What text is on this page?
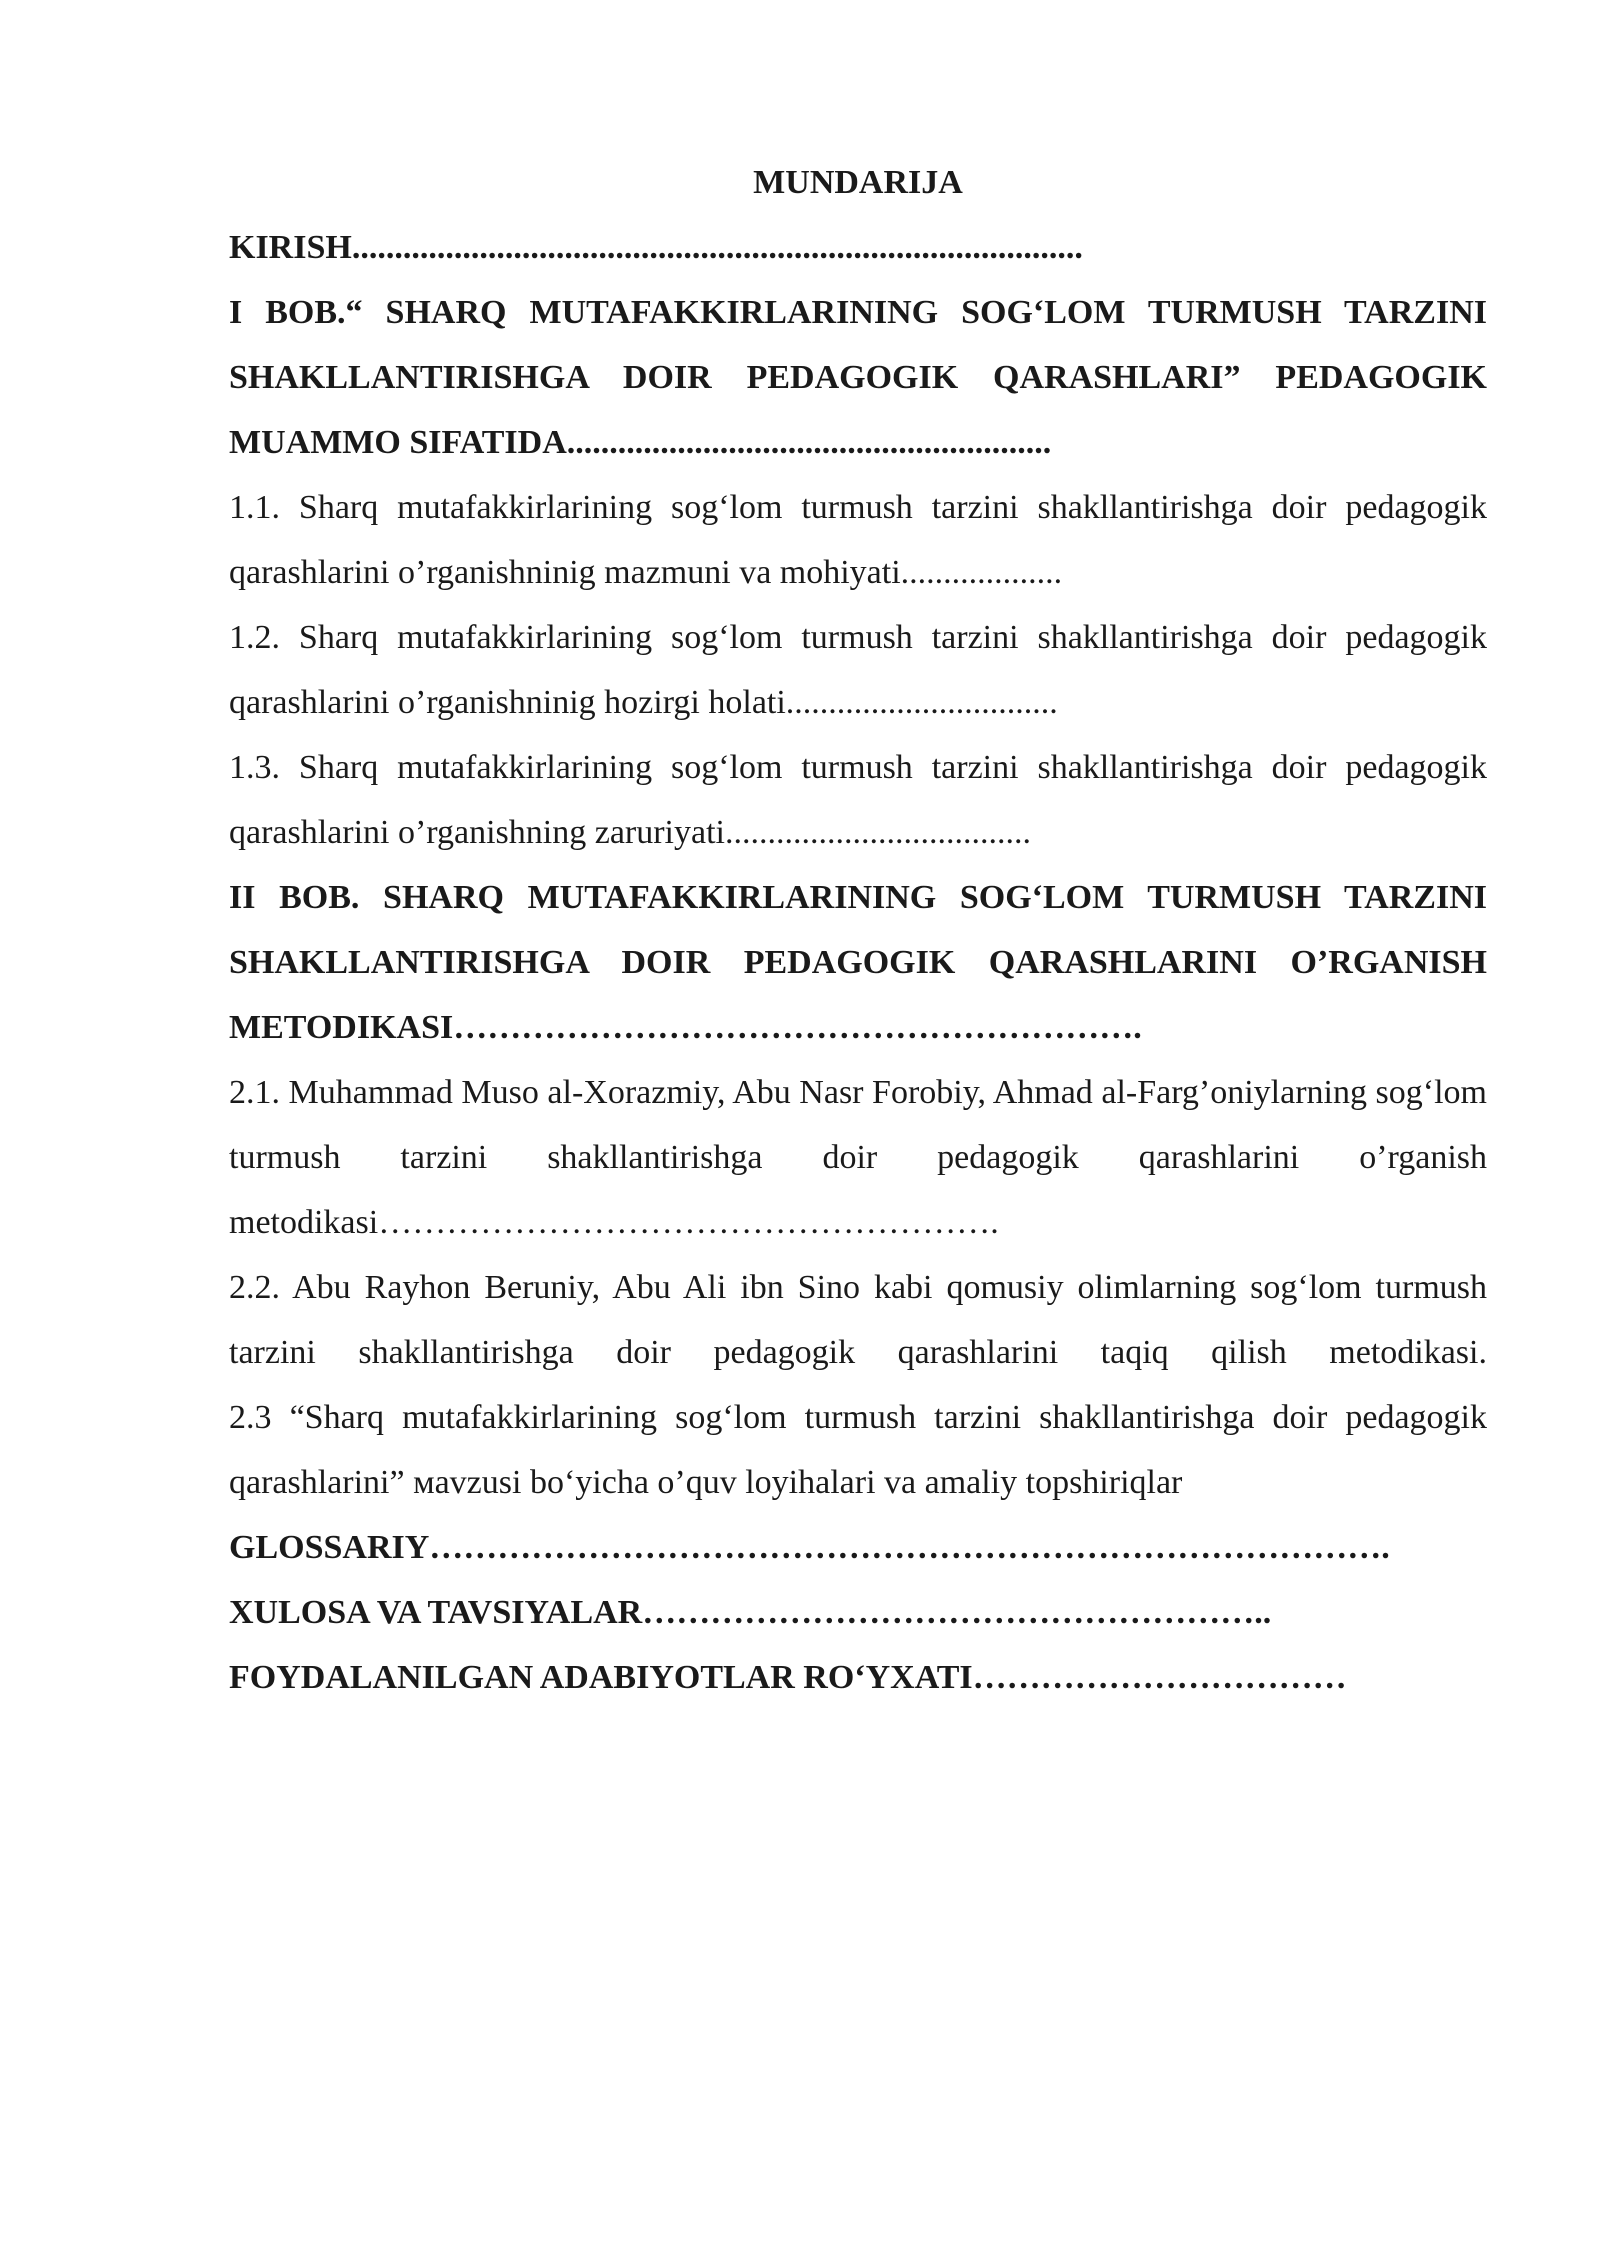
MUNDARIJA

KIRISH......................................................................................

I BOB.“ SHARQ MUTAFAKKIRLARINING SOG‘LOM TURMUSH TARZINI SHAKLLANTIRISHGA DOIR PEDAGOGIK QARASHLARI” PEDAGOGIK MUAMMO SIFATIDA.........................................................

1.1. Sharq mutafakkirlarining sog‘lom turmush tarzini shakllantirishga doir pedagogik qarashlarini o’rganishninig mazmuni va mohiyati...................

1.2. Sharq mutafakkirlarining sog‘lom turmush tarzini shakllantirishga doir pedagogik qarashlarini o’rganishninig hozirgi holati................................

1.3. Sharq mutafakkirlarining sog‘lom turmush tarzini shakllantirishga doir pedagogik qarashlarini o’rganishning zaruriyati....................................

II BOB. SHARQ MUTAFAKKIRLARINING SOG‘LOM TURMUSH TARZINI SHAKLLANTIRISHGA DOIR PEDAGOGIK QARASHLARINI O’RGANISH METODIKASI…………………………………………………….

2.1. Muhammad Muso al-Xorazmiy, Abu Nasr Forobiy, Ahmad al-Farg’oniylarning sog‘lom turmush tarzini shakllantirishga doir pedagogik qarashlarini o’rganish metodikasi……………………………………………….

2.2. Abu Rayhon Beruniy, Abu Ali ibn Sino kabi qomusiy olimlarning sog‘lom turmush tarzini shakllantirishga doir pedagogik qarashlarini taqiq qilish metodikasi.

2.3 “Sharq mutafakkirlarining sog‘lom turmush tarzini shakllantirishga doir pedagogik qarashlarini” мavzusi bo‘yicha o’quv loyihalari va amaliy topshiriqlar

GLOSSARIY………………………………………………………………………….

XULOSA VA TAVSIYALAR………………………………………………..

FOYDALANILGAN ADABIYOTLAR RO‘YXATI……………………………
